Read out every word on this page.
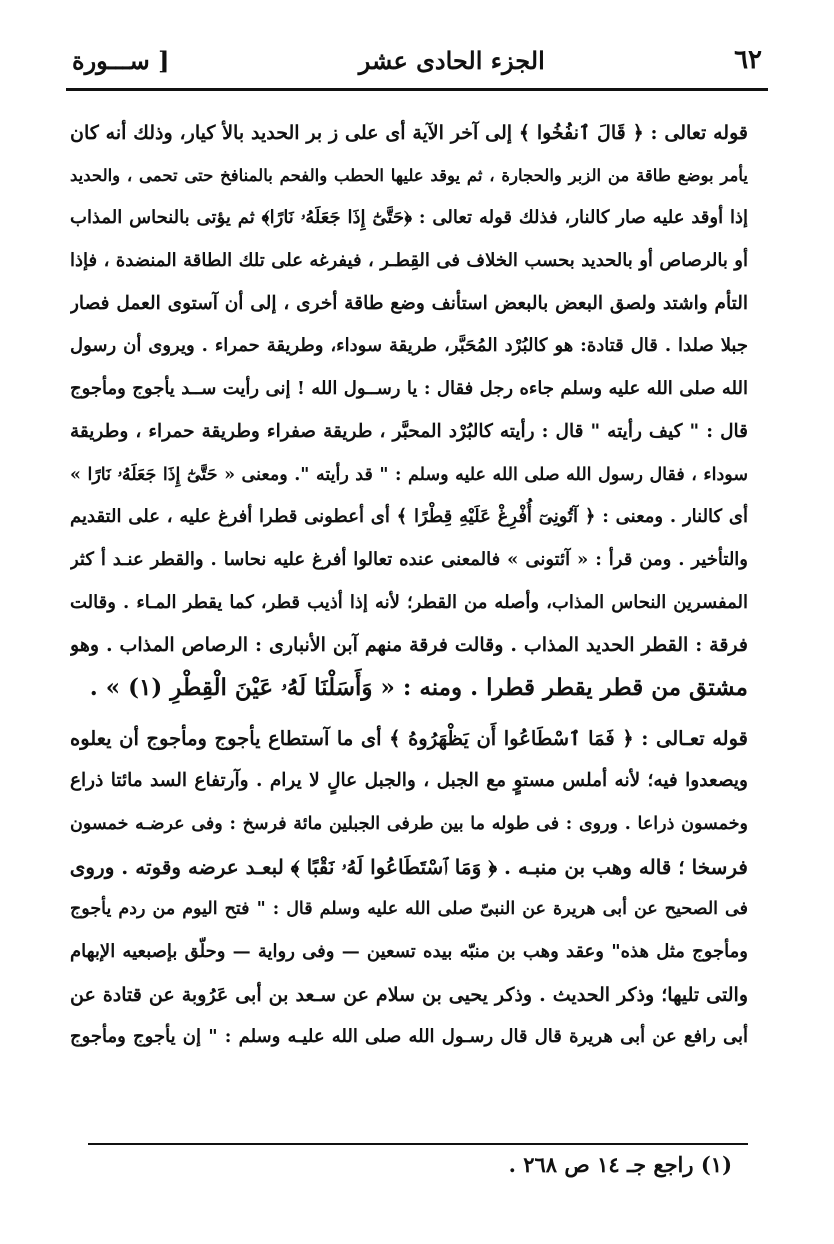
٦٢
الجزء الحادى عشر
[ ســـورة
قوله تعالى : ﴿ قَالَ ٱنفُخُوا ﴾ إلى آخر الآية أى على ز بر الحديد بالأ كيار، وذلك أنه كان
يأمر بوضع طاقة من الزبر والحجارة ، ثم يوقد عليها الحطب والفحم بالمنافخ حتى تحمى ، والحديد
إذا أوقد عليه صار كالنار، فذلك قوله تعالى : ﴿حَتَّىٰٓ إِذَا جَعَلَهُۥ نَارًا﴾ ثم يؤتى بالنحاس المذاب
أو بالرصاص أو بالحديد بحسب الخلاف فى القِطـر ، فيفرغه على تلك الطاقة المنضدة ، فإذا
التأم واشتد ولصق البعض بالبعض استأنف وضع طاقة أخرى ، إلى أن آستوى العمل فصار
جبلا صلدا . قال قتادة: هو كالبُرْد المُحَبَّر، طريقة سوداء، وطريقة حمراء . ويروى أن رسول
الله صلى الله عليه وسلم جاءه رجل فقال : يا رســول الله ! إنى رأيت ســد يأجوج ومأجوج
قال : " كيف رأيته " قال : رأيته كالبُرْد المحبَّر ، طريقة صفراء وطريقة حمراء ، وطريقة
سوداء ، فقال رسول الله صلى الله عليه وسلم : " قد رأيته ". ومعنى « حَتَّىٰٓ إِذَا جَعَلَهُۥ نَارًا »
أى كالنار . ومعنى : ﴿ آتُونِىٓ أُفْرِغْ عَلَيْهِ قِطْرًا ﴾ أى أعطونى قطرا أفرغ عليه ، على التقديم
والتأخير . ومن قرأ : « آئتونى » فالمعنى عنده تعالوا أفرغ عليه نحاسا . والقطر عنـد أ كثر
المفسرين النحاس المذاب، وأصله من القطر؛ لأنه إذا أذيب قطر، كما يقطر المـاء . وقالت
فرقة : القطر الحديد المذاب . وقالت فرقة منهم آبن الأنبارى : الرصاص المذاب . وهو
مشتق من قطر يقطر قطرا . ومنه : « وَأَسَلْنَا لَهُۥ عَيْنَ الْقِطْرِ (١) » .
قوله تعـالى : ﴿ فَمَا ٱسْطَاعُوا أَن يَظْهَرُوهُ ﴾ أى ما آستطاع يأجوج ومأجوج أن يعلوه
ويصعدوا فيه؛ لأنه أملس مستوٍ مع الجبل ، والجبل عالٍ لا يرام . وآرتفاع السد مائتا ذراع
وخمسون ذراعا . وروى : فى طوله ما بين طرفى الجبلين مائة فرسخ : وفى عرضـه خمسون
فرسخا ؛ قاله وهب بن منبـه . ﴿ وَمَا ٱسْتَطَاعُوا لَهُۥ نَقْبًا ﴾ لبعـد عرضه وقوته . وروى
فى الصحيح عن أبى هريرة عن النبىّ صلى الله عليه وسلم قال : " فتح اليوم من ردم يأجوج
ومأجوج مثل هذه" وعقد وهب بن منبّه بيده تسعين — وفى رواية — وحلّق بإصبعيه الإبهام
والتى تليها؛ وذكر الحديث . وذكر يحيى بن سلام عن سـعد بن أبى عَرُوبة عن قتادة عن
أبى رافع عن أبى هريرة قال قال رسـول الله صلى الله عليـه وسلم : " إن يأجوج ومأجوج
(١) راجع جـ ١٤ ص ٢٦٨ .
